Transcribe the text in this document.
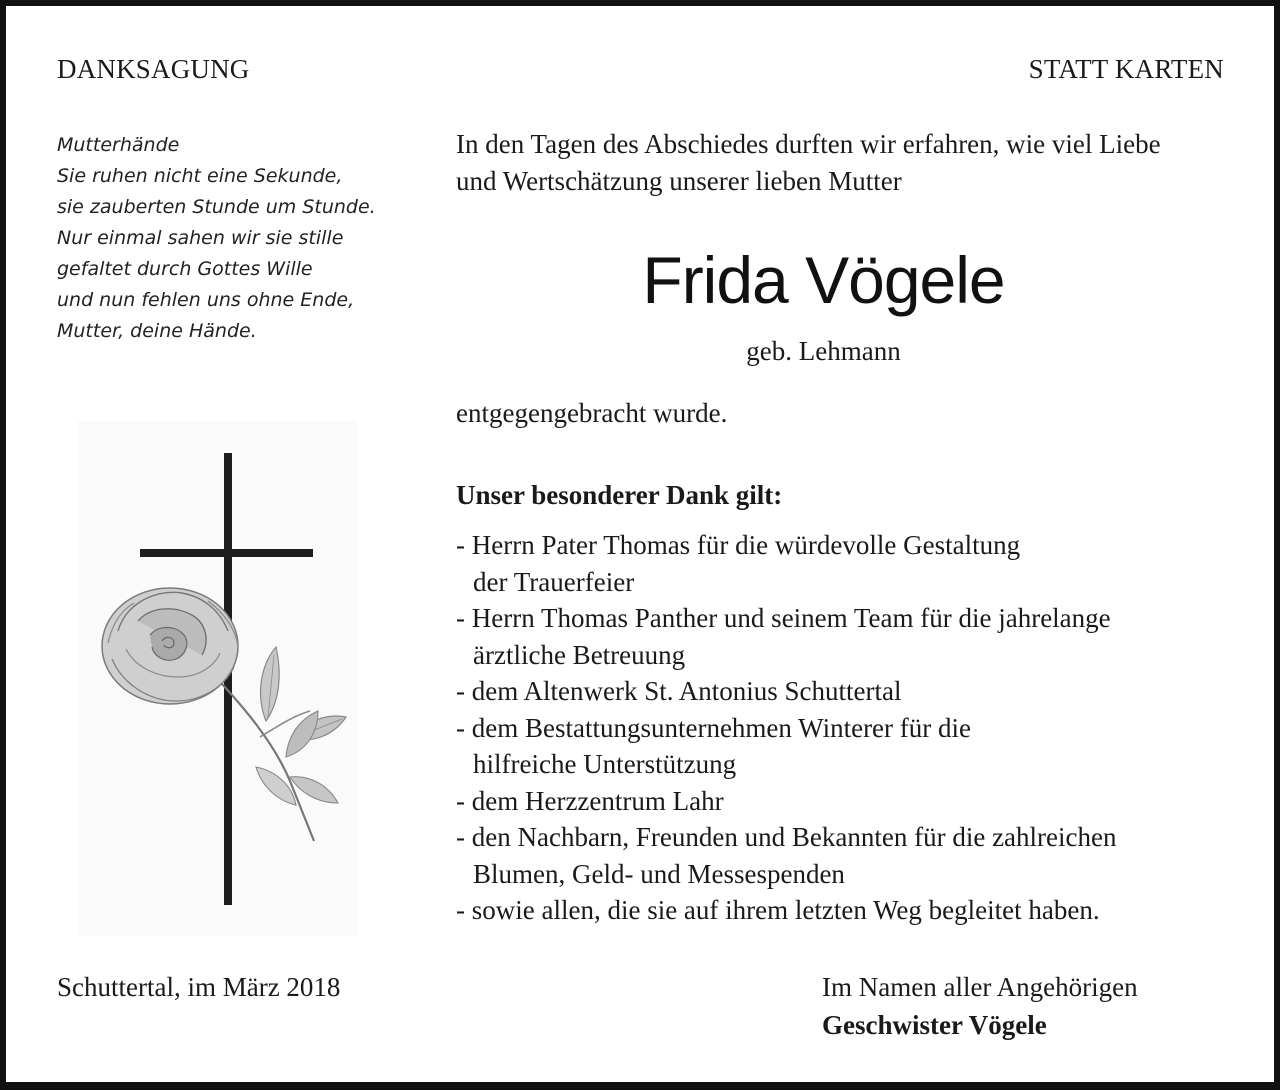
DANKSAGUNG	STATT KARTEN
Mutterhände
Sie ruhen nicht eine Sekunde,
sie zauberten Stunde um Stunde.
Nur einmal sahen wir sie stille
gefaltet durch Gottes Wille
und nun fehlen uns ohne Ende,
Mutter, deine Hände.
In den Tagen des Abschiedes durften wir erfahren, wie viel Liebe
und Wertschätzung unserer lieben Mutter
Frida Vögele
geb. Lehmann
entgegengebracht wurde.
Unser besonderer Dank gilt:
- Herrn Pater Thomas für die würdevolle Gestaltung
der Trauerfeier
- Herrn Thomas Panther und seinem Team für die jahrelange
ärztliche Betreuung
- dem Altenwerk St. Antonius Schuttertal
- dem Bestattungsunternehmen Winterer für die
hilfreiche Unterstützung
- dem Herzzentrum Lahr
- den Nachbarn, Freunden und Bekannten für die zahlreichen
Blumen, Geld- und Messespenden
- sowie allen, die sie auf ihrem letzten Weg begleitet haben.
Schuttertal, im März 2018	Im Namen aller Angehörigen
Geschwister Vögele
